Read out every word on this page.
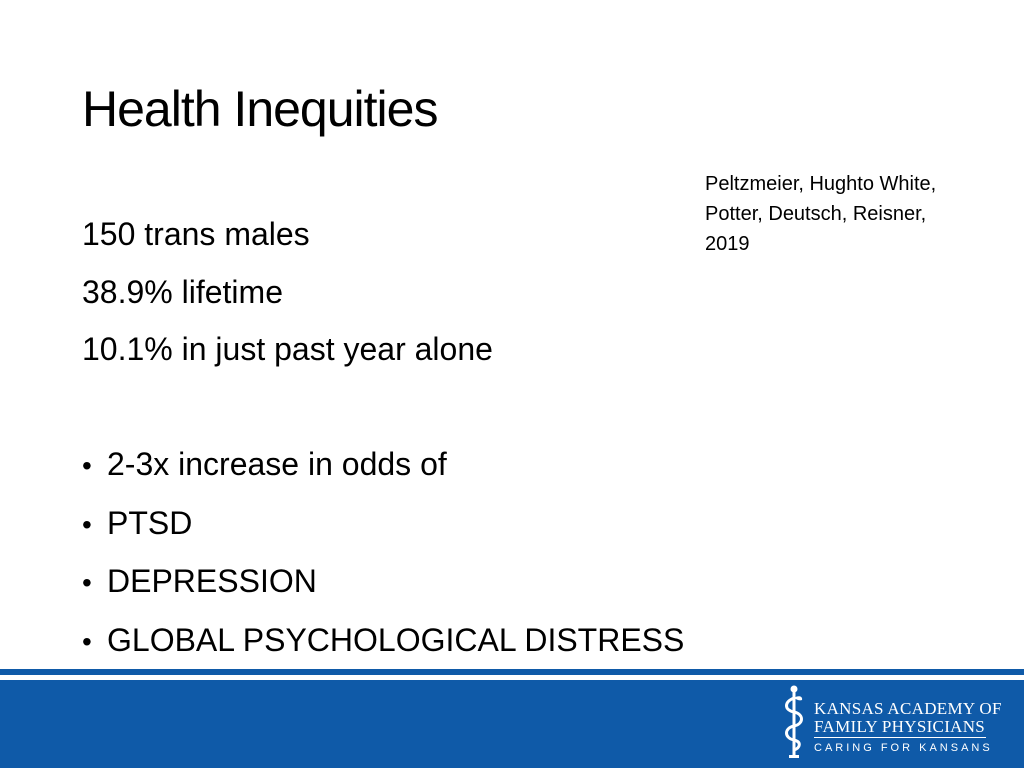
Health Inequities
Peltzmeier, Hughto White,
Potter, Deutsch, Reisner,
2019
150 trans males
38.9% lifetime
10.1% in just past year alone
• 2-3x increase in odds of
• PTSD
• DEPRESSION
• GLOBAL PSYCHOLOGICAL DISTRESS
KANSAS ACADEMY OF
FAMILY PHYSICIANS
CARING FOR KANSANS
